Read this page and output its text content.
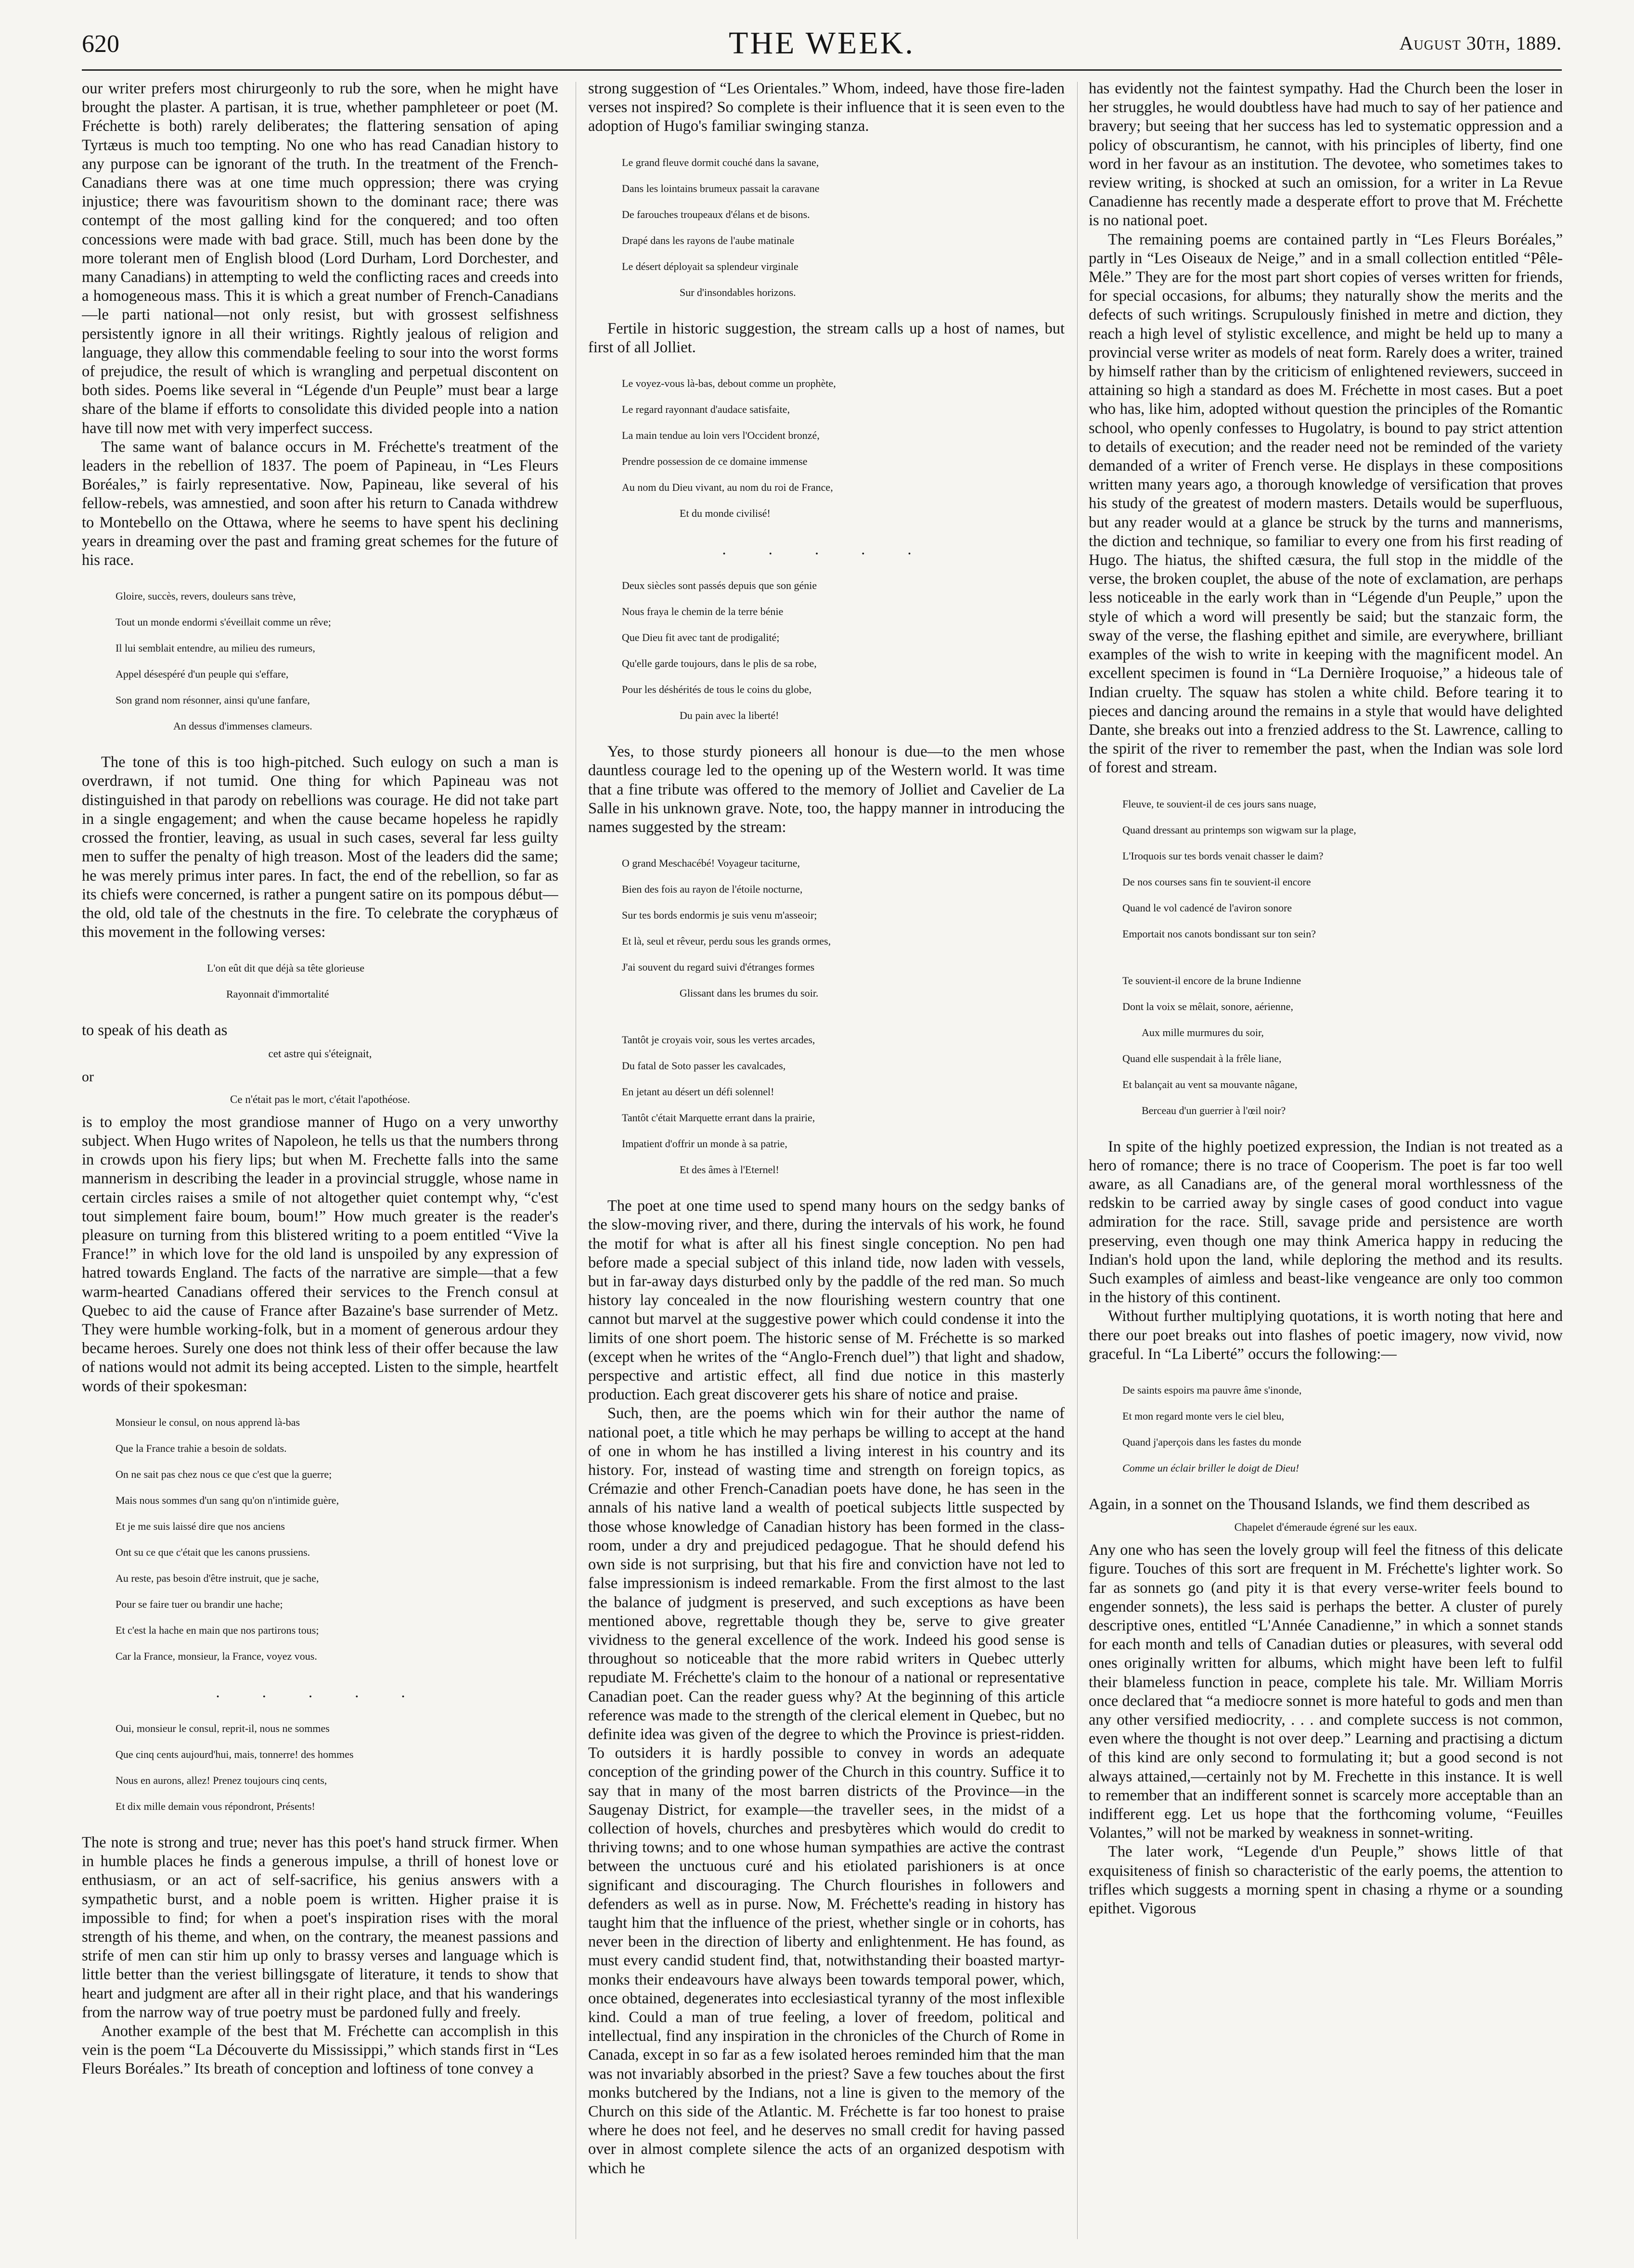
620	THE WEEK.	August 30th, 1889.

our writer prefers most chirurgeonly to rub the sore, when he might have brought the plaster. A partisan, it is true, whether pamphleteer or poet (M. Fréchette is both) rarely deliberates; the flattering sensation of aping Tyrtæus is much too tempting. No one who has read Canadian history to any purpose can be ignorant of the truth. In the treatment of the French-Canadians there was at one time much oppression; there was crying injustice; there was favouritism shown to the dominant race; there was contempt of the most galling kind for the conquered; and too often concessions were made with bad grace. Still, much has been done by the more tolerant men of English blood (Lord Durham, Lord Dorchester, and many Canadians) in attempting to weld the conflicting races and creeds into a homogeneous mass. This it is which a great number of French-Canadians—le parti national—not only resist, but with grossest selfishness persistently ignore in all their writings. Rightly jealous of religion and language, they allow this commendable feeling to sour into the worst forms of prejudice, the result of which is wrangling and perpetual discontent on both sides. Poems like several in “Légende d'un Peuple” must bear a large share of the blame if efforts to consolidate this divided people into a nation have till now met with very imperfect success.

The same want of balance occurs in M. Fréchette's treatment of the leaders in the rebellion of 1837. The poem of Papineau, in “Les Fleurs Boréales,” is fairly representative. Now, Papineau, like several of his fellow-rebels, was amnestied, and soon after his return to Canada withdrew to Montebello on the Ottawa, where he seems to have spent his declining years in dreaming over the past and framing great schemes for the future of his race.

Gloire, succès, revers, douleurs sans trève,

Tout un monde endormi s'éveillait comme un rêve;

Il lui semblait entendre, au milieu des rumeurs,

Appel désespéré d'un peuple qui s'effare,

Son grand nom résonner, ainsi qu'une fanfare,

An dessus d'immenses clameurs.

The tone of this is too high-pitched. Such eulogy on such a man is overdrawn, if not tumid. One thing for which Papineau was not distinguished in that parody on rebellions was courage. He did not take part in a single engagement; and when the cause became hopeless he rapidly crossed the frontier, leaving, as usual in such cases, several far less guilty men to suffer the penalty of high treason. Most of the leaders did the same; he was merely primus inter pares. In fact, the end of the rebellion, so far as its chiefs were concerned, is rather a pungent satire on its pompous début—the old, old tale of the chestnuts in the fire. To celebrate the coryphæus of this movement in the following verses:

L'on eût dit que déjà sa tête glorieuse

Rayonnait d'immortalité

to speak of his death as

cet astre qui s'éteignait,
or
Ce n'était pas le mort, c'était l'apothéose.

is to employ the most grandiose manner of Hugo on a very unworthy subject. When Hugo writes of Napoleon, he tells us that the numbers throng in crowds upon his fiery lips; but when M. Frechette falls into the same mannerism in describing the leader in a provincial struggle, whose name in certain circles raises a smile of not altogether quiet contempt why, “c'est tout simplement faire boum, boum!” How much greater is the reader's pleasure on turning from this blistered writing to a poem entitled “Vive la France!” in which love for the old land is unspoiled by any expression of hatred towards England. The facts of the narrative are simple—that a few warm-hearted Canadians offered their services to the French consul at Quebec to aid the cause of France after Bazaine's base surrender of Metz. They were humble working-folk, but in a moment of generous ardour they became heroes. Surely one does not think less of their offer because the law of nations would not admit its being accepted. Listen to the simple, heartfelt words of their spokesman:

Monsieur le consul, on nous apprend là-bas

Que la France trahie a besoin de soldats.

On ne sait pas chez nous ce que c'est que la guerre;

Mais nous sommes d'un sang qu'on n'intimide guère,

Et je me suis laissé dire que nos anciens

Ont su ce que c'était que les canons prussiens.

Au reste, pas besoin d'être instruit, que je sache,

Pour se faire tuer ou brandir une hache;

Et c'est la hache en main que nos partirons tous;

Car la France, monsieur, la France, voyez vous.

. . . . .

Oui, monsieur le consul, reprit-il, nous ne sommes

Que cinq cents aujourd'hui, mais, tonnerre! des hommes

Nous en aurons, allez! Prenez toujours cinq cents,

Et dix mille demain vous répondront, Présents!

The note is strong and true; never has this poet's hand struck firmer. When in humble places he finds a generous impulse, a thrill of honest love or enthusiasm, or an act of self-sacrifice, his genius answers with a sympathetic burst, and a noble poem is written. Higher praise it is impossible to find; for when a poet's inspiration rises with the moral strength of his theme, and when, on the contrary, the meanest passions and strife of men can stir him up only to brassy verses and language which is little better than the veriest billingsgate of literature, it tends to show that heart and judgment are after all in their right place, and that his wanderings from the narrow way of true poetry must be pardoned fully and freely.

Another example of the best that M. Fréchette can accomplish in this vein is the poem “La Découverte du Mississippi,” which stands first in “Les Fleurs Boréales.” Its breath of conception and loftiness of tone convey a

strong suggestion of “Les Orientales.” Whom, indeed, have those fire-laden verses not inspired? So complete is their influence that it is seen even to the adoption of Hugo's familiar swinging stanza.

Le grand fleuve dormit couché dans la savane,

Dans les lointains brumeux passait la caravane

De farouches troupeaux d'élans et de bisons.

Drapé dans les rayons de l'aube matinale

Le désert déployait sa splendeur virginale

Sur d'insondables horizons.

Fertile in historic suggestion, the stream calls up a host of names, but first of all Jolliet.

Le voyez-vous là-bas, debout comme un prophète,

Le regard rayonnant d'audace satisfaite,

La main tendue au loin vers l'Occident bronzé,

Prendre possession de ce domaine immense

Au nom du Dieu vivant, au nom du roi de France,

Et du monde civilisé!

. . . . .

Deux siècles sont passés depuis que son génie

Nous fraya le chemin de la terre bénie

Que Dieu fit avec tant de prodigalité;

Qu'elle garde toujours, dans le plis de sa robe,

Pour les déshérités de tous le coins du globe,

Du pain avec la liberté!

Yes, to those sturdy pioneers all honour is due—to the men whose dauntless courage led to the opening up of the Western world. It was time that a fine tribute was offered to the memory of Jolliet and Cavelier de La Salle in his unknown grave. Note, too, the happy manner in introducing the names suggested by the stream:

O grand Meschacébé! Voyageur taciturne,

Bien des fois au rayon de l'étoile nocturne,

Sur tes bords endormis je suis venu m'asseoir;

Et là, seul et rêveur, perdu sous les grands ormes,

J'ai souvent du regard suivi d'étranges formes

Glissant dans les brumes du soir.

Tantôt je croyais voir, sous les vertes arcades,

Du fatal de Soto passer les cavalcades,

En jetant au désert un défi solennel!

Tantôt c'était Marquette errant dans la prairie,

Impatient d'offrir un monde à sa patrie,

Et des âmes à l'Eternel!

The poet at one time used to spend many hours on the sedgy banks of the slow-moving river, and there, during the intervals of his work, he found the motif for what is after all his finest single conception. No pen had before made a special subject of this inland tide, now laden with vessels, but in far-away days disturbed only by the paddle of the red man. So much history lay concealed in the now flourishing western country that one cannot but marvel at the suggestive power which could condense it into the limits of one short poem. The historic sense of M. Fréchette is so marked (except when he writes of the “Anglo-French duel”) that light and shadow, perspective and artistic effect, all find due notice in this masterly production. Each great discoverer gets his share of notice and praise.

Such, then, are the poems which win for their author the name of national poet, a title which he may perhaps be willing to accept at the hand of one in whom he has instilled a living interest in his country and its history. For, instead of wasting time and strength on foreign topics, as Crémazie and other French-Canadian poets have done, he has seen in the annals of his native land a wealth of poetical subjects little suspected by those whose knowledge of Canadian history has been formed in the class-room, under a dry and prejudiced pedagogue. That he should defend his own side is not surprising, but that his fire and conviction have not led to false impressionism is indeed remarkable. From the first almost to the last the balance of judgment is preserved, and such exceptions as have been mentioned above, regrettable though they be, serve to give greater vividness to the general excellence of the work. Indeed his good sense is throughout so noticeable that the more rabid writers in Quebec utterly repudiate M. Fréchette's claim to the honour of a national or representative Canadian poet. Can the reader guess why? At the beginning of this article reference was made to the strength of the clerical element in Quebec, but no definite idea was given of the degree to which the Province is priest-ridden. To outsiders it is hardly possible to convey in words an adequate conception of the grinding power of the Church in this country. Suffice it to say that in many of the most barren districts of the Province—in the Saugenay District, for example—the traveller sees, in the midst of a collection of hovels, churches and presbytères which would do credit to thriving towns; and to one whose human sympathies are active the contrast between the unctuous curé and his etiolated parishioners is at once significant and discouraging. The Church flourishes in followers and defenders as well as in purse. Now, M. Fréchette's reading in history has taught him that the influence of the priest, whether single or in cohorts, has never been in the direction of liberty and enlightenment. He has found, as must every candid student find, that, notwithstanding their boasted martyr-monks their endeavours have always been towards temporal power, which, once obtained, degenerates into ecclesiastical tyranny of the most inflexible kind. Could a man of true feeling, a lover of freedom, political and intellectual, find any inspiration in the chronicles of the Church of Rome in Canada, except in so far as a few isolated heroes reminded him that the man was not invariably absorbed in the priest? Save a few touches about the first monks butchered by the Indians, not a line is given to the memory of the Church on this side of the Atlantic. M. Fréchette is far too honest to praise where he does not feel, and he deserves no small credit for having passed over in almost complete silence the acts of an organized despotism with which he

has evidently not the faintest sympathy. Had the Church been the loser in her struggles, he would doubtless have had much to say of her patience and bravery; but seeing that her success has led to systematic oppression and a policy of obscurantism, he cannot, with his principles of liberty, find one word in her favour as an institution. The devotee, who sometimes takes to review writing, is shocked at such an omission, for a writer in La Revue Canadienne has recently made a desperate effort to prove that M. Fréchette is no national poet.

The remaining poems are contained partly in “Les Fleurs Boréales,” partly in “Les Oiseaux de Neige,” and in a small collection entitled “Pêle-Mêle.” They are for the most part short copies of verses written for friends, for special occasions, for albums; they naturally show the merits and the defects of such writings. Scrupulously finished in metre and diction, they reach a high level of stylistic excellence, and might be held up to many a provincial verse writer as models of neat form. Rarely does a writer, trained by himself rather than by the criticism of enlightened reviewers, succeed in attaining so high a standard as does M. Fréchette in most cases. But a poet who has, like him, adopted without question the principles of the Romantic school, who openly confesses to Hugolatry, is bound to pay strict attention to details of execution; and the reader need not be reminded of the variety demanded of a writer of French verse. He displays in these compositions written many years ago, a thorough knowledge of versification that proves his study of the greatest of modern masters. Details would be superfluous, but any reader would at a glance be struck by the turns and mannerisms, the diction and technique, so familiar to every one from his first reading of Hugo. The hiatus, the shifted cæsura, the full stop in the middle of the verse, the broken couplet, the abuse of the note of exclamation, are perhaps less noticeable in the early work than in “Légende d'un Peuple,” upon the style of which a word will presently be said; but the stanzaic form, the sway of the verse, the flashing epithet and simile, are everywhere, brilliant examples of the wish to write in keeping with the magnificent model. An excellent specimen is found in “La Dernière Iroquoise,” a hideous tale of Indian cruelty. The squaw has stolen a white child. Before tearing it to pieces and dancing around the remains in a style that would have delighted Dante, she breaks out into a frenzied address to the St. Lawrence, calling to the spirit of the river to remember the past, when the Indian was sole lord of forest and stream.

Fleuve, te souvient-il de ces jours sans nuage,

Quand dressant au printemps son wigwam sur la plage,

L'Iroquois sur tes bords venait chasser le daim?

De nos courses sans fin te souvient-il encore

Quand le vol cadencé de l'aviron sonore

Emportait nos canots bondissant sur ton sein?

Te souvient-il encore de la brune Indienne

Dont la voix se mêlait, sonore, aérienne,

Aux mille murmures du soir,

Quand elle suspendait à la frêle liane,

Et balançait au vent sa mouvante nâgane,

Berceau d'un guerrier à l'œil noir?

In spite of the highly poetized expression, the Indian is not treated as a hero of romance; there is no trace of Cooperism. The poet is far too well aware, as all Canadians are, of the general moral worthlessness of the redskin to be carried away by single cases of good conduct into vague admiration for the race. Still, savage pride and persistence are worth preserving, even though one may think America happy in reducing the Indian's hold upon the land, while deploring the method and its results. Such examples of aimless and beast-like vengeance are only too common in the history of this continent.

Without further multiplying quotations, it is worth noting that here and there our poet breaks out into flashes of poetic imagery, now vivid, now graceful. In “La Liberté” occurs the following:—

De saints espoirs ma pauvre âme s'inonde,

Et mon regard monte vers le ciel bleu,

Quand j'aperçois dans les fastes du monde

Comme un éclair briller le doigt de Dieu!

Again, in a sonnet on the Thousand Islands, we find them described as

Chapelet d'émeraude égrené sur les eaux.

Any one who has seen the lovely group will feel the fitness of this delicate figure. Touches of this sort are frequent in M. Fréchette's lighter work. So far as sonnets go (and pity it is that every verse-writer feels bound to engender sonnets), the less said is perhaps the better. A cluster of purely descriptive ones, entitled “L'Année Canadienne,” in which a sonnet stands for each month and tells of Canadian duties or pleasures, with several odd ones originally written for albums, which might have been left to fulfil their blameless function in peace, complete his tale. Mr. William Morris once declared that “a mediocre sonnet is more hateful to gods and men than any other versified mediocrity, . . . and complete success is not common, even where the thought is not over deep.” Learning and practising a dictum of this kind are only second to formulating it; but a good second is not always attained,—certainly not by M. Frechette in this instance. It is well to remember that an indifferent sonnet is scarcely more acceptable than an indifferent egg. Let us hope that the forthcoming volume, “Feuilles Volantes,” will not be marked by weakness in sonnet-writing.

The later work, “Legende d'un Peuple,” shows little of that exquisiteness of finish so characteristic of the early poems, the attention to trifles which suggests a morning spent in chasing a rhyme or a sounding epithet. Vigorous
